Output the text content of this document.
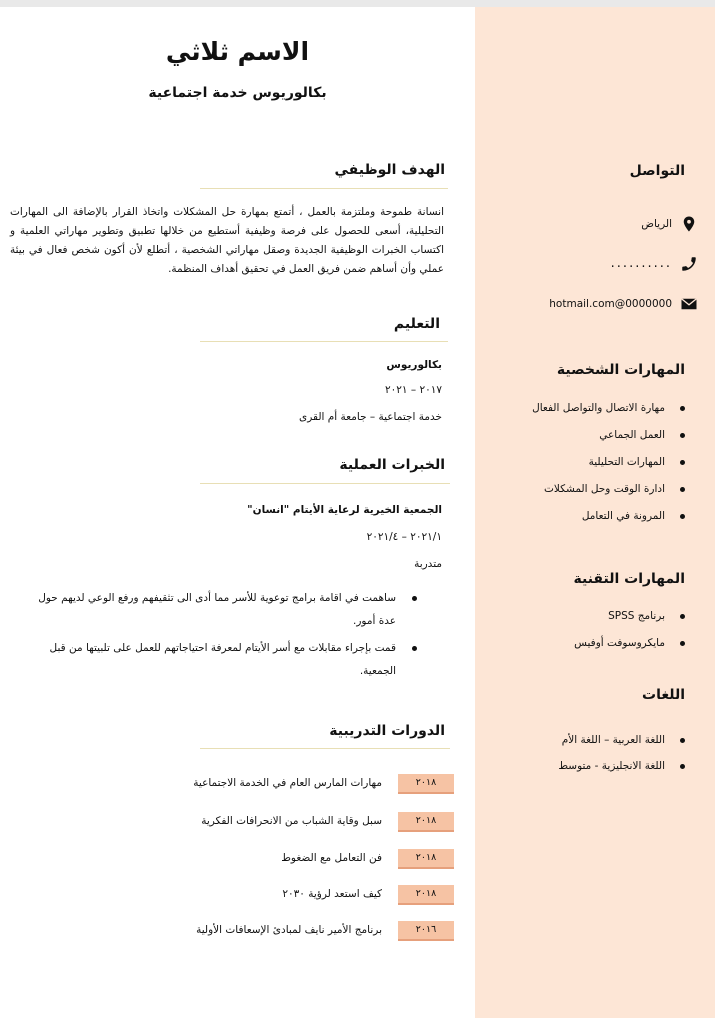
الاسم ثلاثي
بكالوريوس خدمة اجتماعية
الهدف الوظيفي
انسانة طموحة وملتزمة بالعمل ، أتمتع بمهارة حل المشكلات واتخاذ القرار بالإضافة الى المهارات التحليلية، أسعى للحصول على فرصة وظيفية أستطيع من خلالها تطبيق وتطوير مهاراتي العلمية و اكتساب الخبرات الوظيفية الجديدة وصقل مهاراتي الشخصية ، أتطلع لأن أكون شخص فعال في بيئة عملي وأن أساهم ضمن فريق العمل في تحقيق أهداف المنظمة.
التعليم
بكالوريوس
٢٠١٧ – ٢٠٢١
خدمة اجتماعية – جامعة أم القرى
الخبرات العملية
الجمعية الخيرية لرعاية الأيتام "انسان"
٢٠٢١/١ – ٢٠٢١/٤
متدربة
ساهمت في اقامة برامج توعوية للأسر مما أدى الى تثقيفهم ورفع الوعي لديهم حول عدة أمور.
قمت بإجراء مقابلات مع أسر الأيتام لمعرفة احتياجاتهم للعمل على تلبيتها من قبل الجمعية.
الدورات التدريبية
٢٠١٨
مهارات المارس العام في الخدمة الاجتماعية
٢٠١٨
سبل وقاية الشباب من الانحرافات الفكرية
٢٠١٨
فن التعامل مع الضغوط
٢٠١٨
كيف استعد لرؤية ٢٠٣٠
٢٠١٦
برنامج الأمير نايف لمبادئ الإسعافات الأولية
التواصل
الرياض
..........
0000000@hotmail.com
المهارات الشخصية
مهارة الاتصال والتواصل الفعال
العمل الجماعي
المهارات التحليلية
ادارة الوقت وحل المشكلات
المرونة في التعامل
المهارات التقنية
برنامج SPSS
مايكروسوفت أوفيس
اللغات
اللغة العربية – اللغة الأم
اللغة الانجليزية - متوسط
